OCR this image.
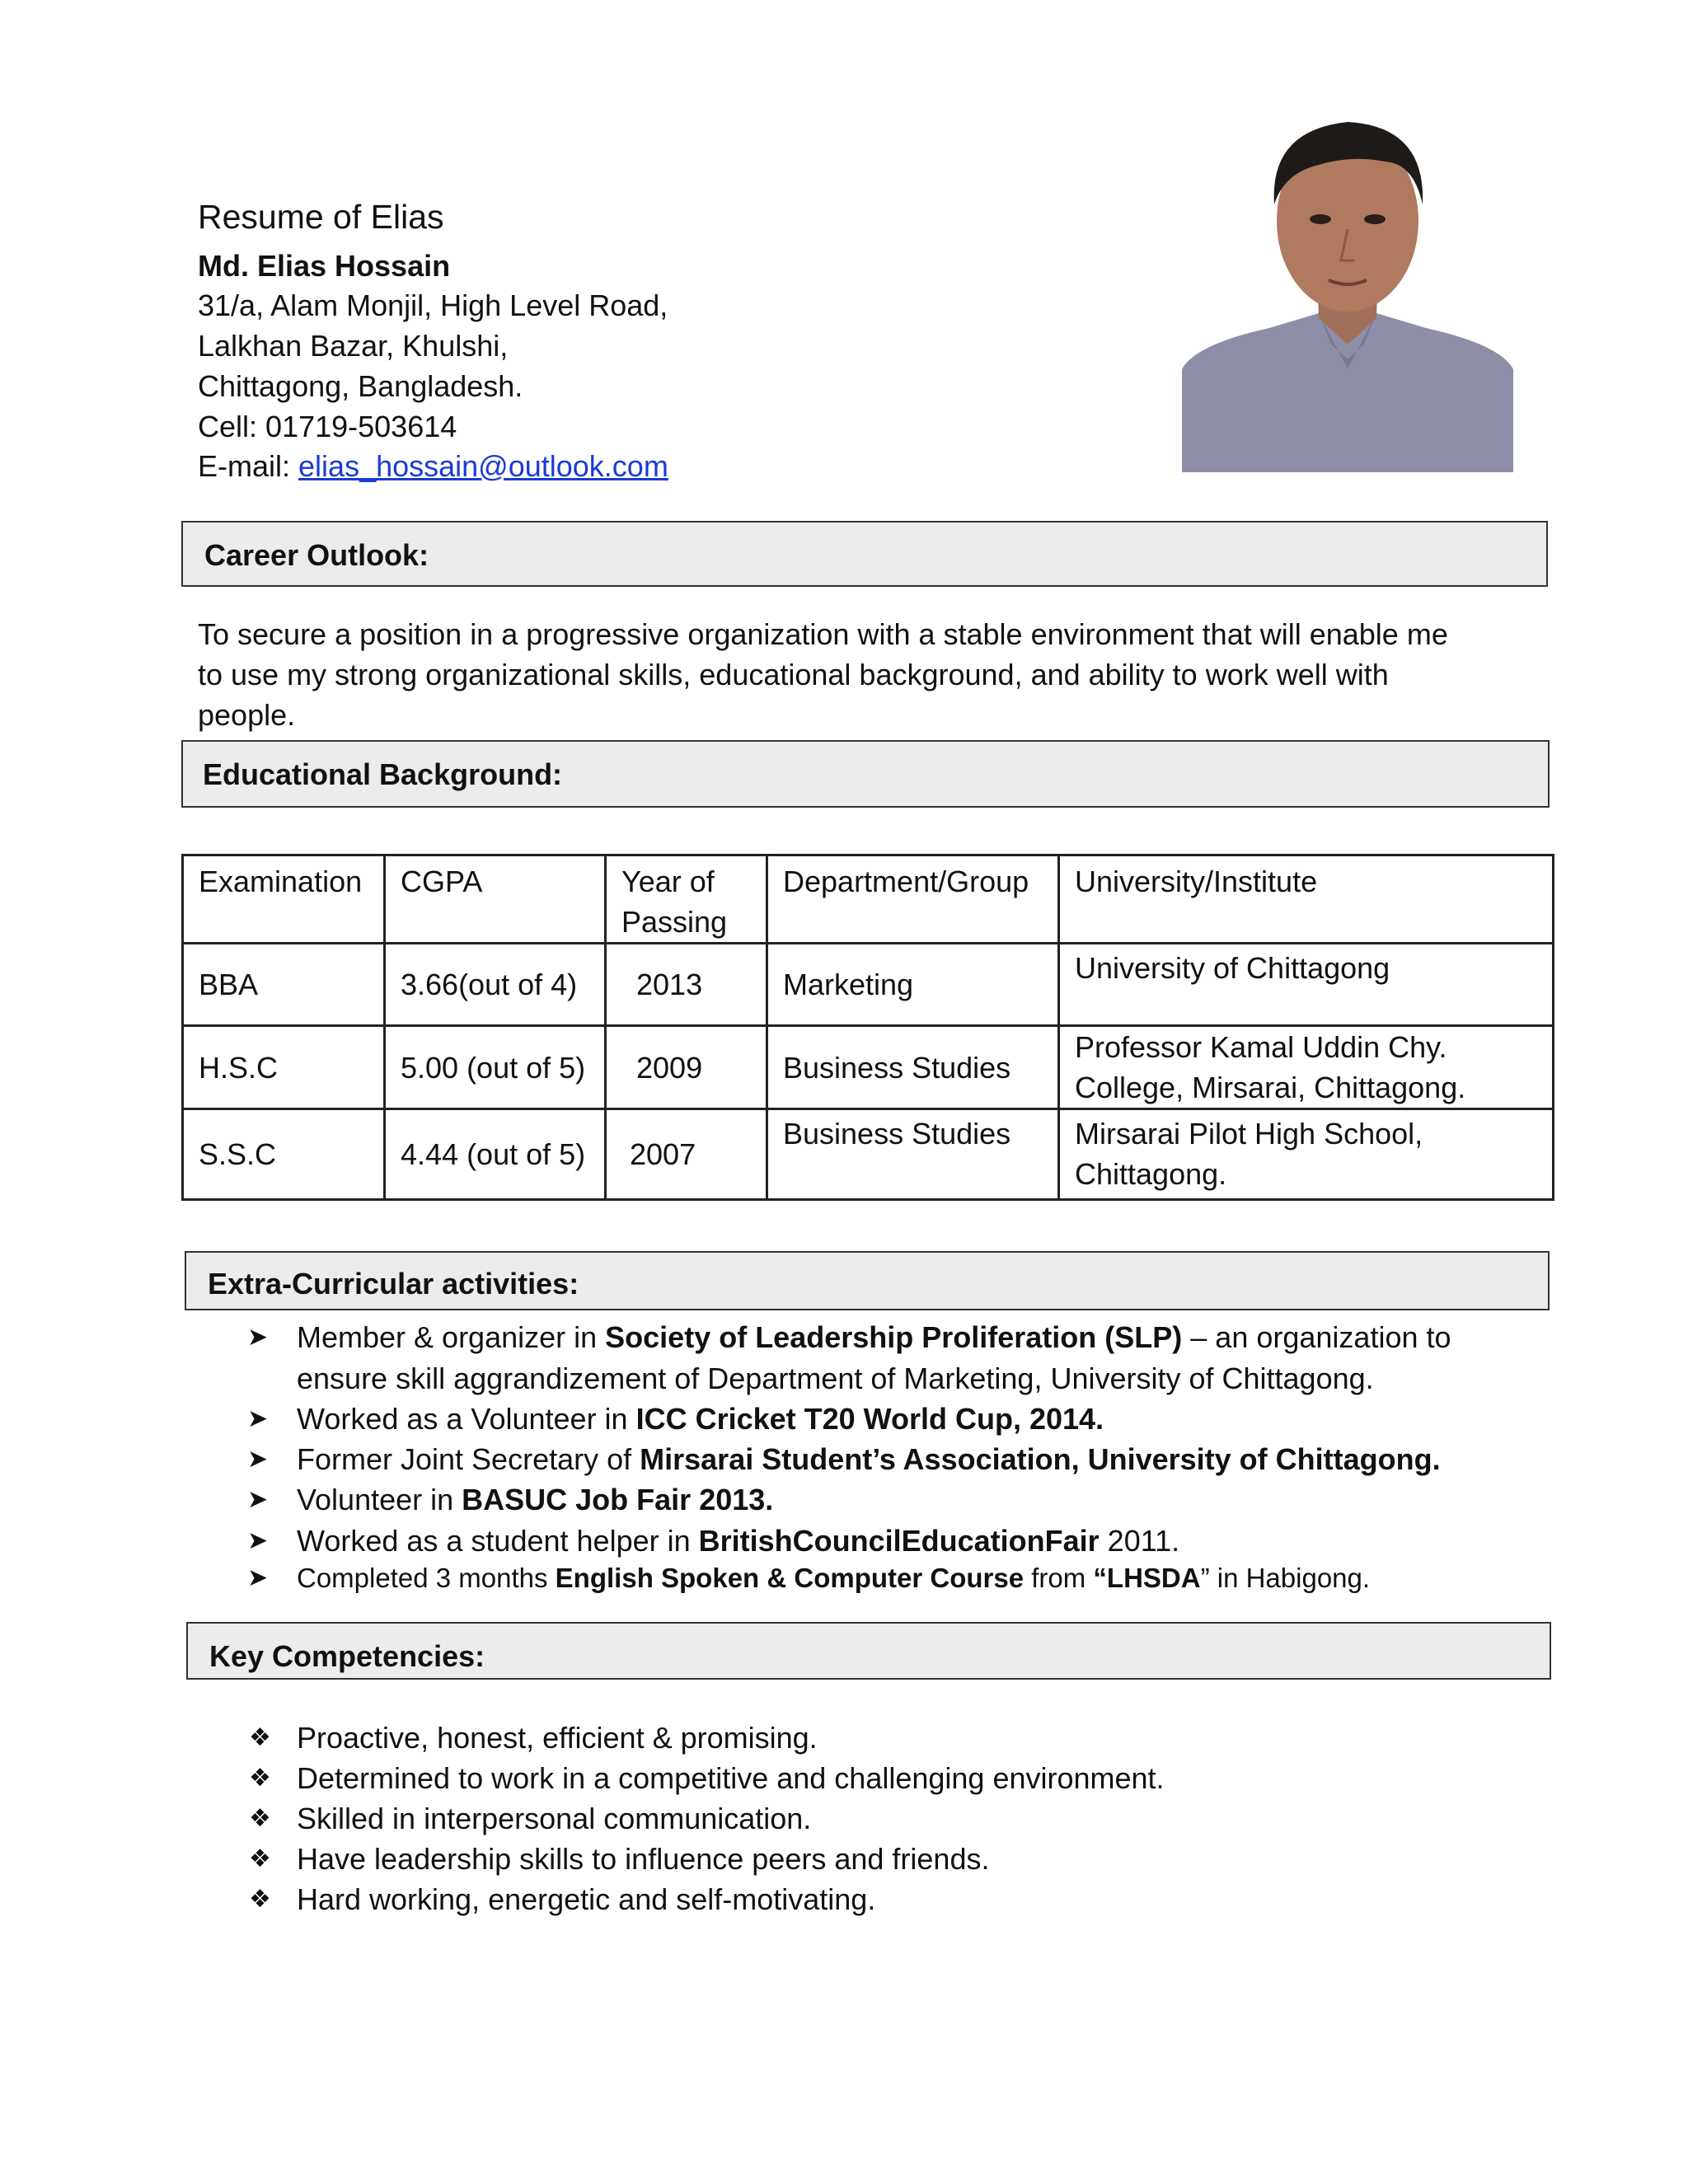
Resume of Elias
Md. Elias Hossain
31/a, Alam Monjil, High Level Road,
Lalkhan Bazar, Khulshi,
Chittagong, Bangladesh.
Cell: 01719-503614
E-mail: elias_hossain@outlook.com
Career Outlook:
To secure a position in a progressive organization with a stable environment that will enable me
to use my strong organizational skills, educational background, and ability to work well with
people.
Educational Background:
Examination	CGPA	Year of Passing	Department/Group	University/Institute
BBA	3.66(out of 4)	2013	Marketing	University of Chittagong
H.S.C	5.00 (out of 5)	2009	Business Studies	Professor Kamal Uddin Chy. College, Mirsarai, Chittagong.
S.S.C	4.44 (out of 5)	2007	Business Studies	Mirsarai Pilot High School, Chittagong.
Extra-Curricular activities:
➤ Member & organizer in Society of Leadership Proliferation (SLP) – an organization to
ensure skill aggrandizement of Department of Marketing, University of Chittagong.
➤ Worked as a Volunteer in ICC Cricket T20 World Cup, 2014.
➤ Former Joint Secretary of Mirsarai Student’s Association, University of Chittagong.
➤ Volunteer in BASUC Job Fair 2013.
➤ Worked as a student helper in BritishCouncilEducationFair 2011.
➤ Completed 3 months English Spoken & Computer Course from “LHSDA” in Habigong.
Key Competencies:
❖ Proactive, honest, efficient & promising.
❖ Determined to work in a competitive and challenging environment.
❖ Skilled in interpersonal communication.
❖ Have leadership skills to influence peers and friends.
❖ Hard working, energetic and self-motivating.
